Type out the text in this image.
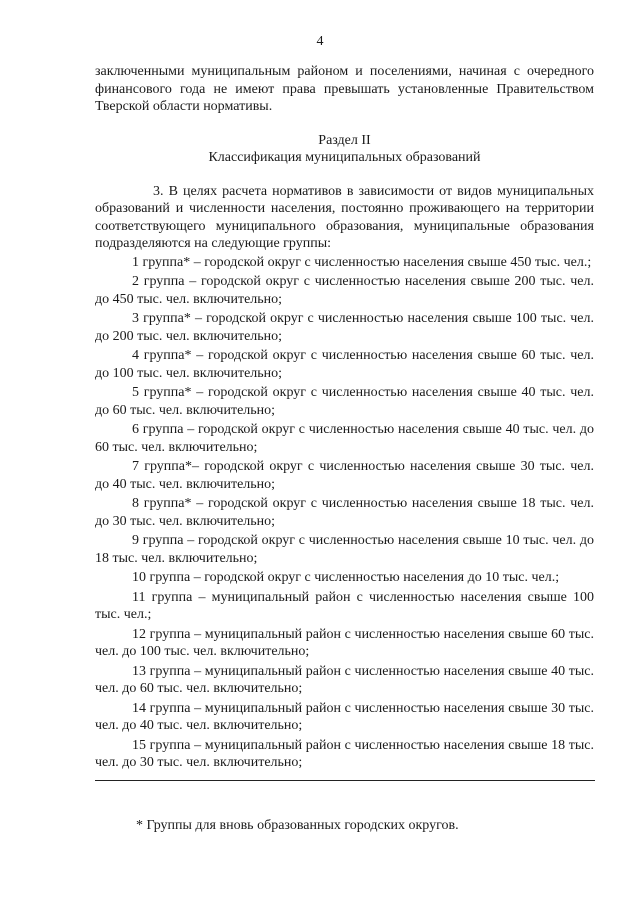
4

заключенными муниципальным районом и поселениями, начиная с очередного финансового года не имеют права превышать установленные Правительством Тверской области нормативы.

Раздел II
Классификация муниципальных образований

3. В целях расчета нормативов в зависимости от видов муниципальных образований и численности населения, постоянно проживающего на территории соответствующего муниципального образования, муниципальные образования подразделяются на следующие группы:

1 группа* – городской округ с численностью населения свыше 450 тыс. чел.;

2 группа – городской округ с численностью населения свыше 200 тыс. чел. до 450 тыс. чел. включительно;

3 группа* – городской округ с численностью населения свыше 100 тыс. чел. до 200 тыс. чел. включительно;

4 группа* – городской округ с численностью населения свыше 60 тыс. чел. до 100 тыс. чел. включительно;

5 группа* – городской округ с численностью населения свыше 40 тыс. чел. до 60 тыс. чел. включительно;

6 группа – городской округ с численностью населения свыше 40 тыс. чел. до 60 тыс. чел. включительно;

7 группа*– городской округ с численностью населения свыше 30 тыс. чел. до 40 тыс. чел. включительно;

8 группа* – городской округ с численностью населения свыше 18 тыс. чел. до 30 тыс. чел. включительно;

9 группа – городской округ с численностью населения свыше 10 тыс. чел. до 18 тыс. чел. включительно;

10 группа – городской округ с численностью населения до 10 тыс. чел.;

11 группа – муниципальный район с численностью населения свыше 100 тыс. чел.;

12 группа – муниципальный район с численностью населения свыше 60 тыс. чел. до 100 тыс. чел. включительно;

13 группа – муниципальный район с численностью населения свыше 40 тыс. чел. до 60 тыс. чел. включительно;

14 группа – муниципальный район с численностью населения свыше 30 тыс. чел. до 40 тыс. чел. включительно;

15 группа – муниципальный район с численностью населения свыше 18 тыс. чел. до 30 тыс. чел. включительно;

* Группы для вновь образованных городских округов.
